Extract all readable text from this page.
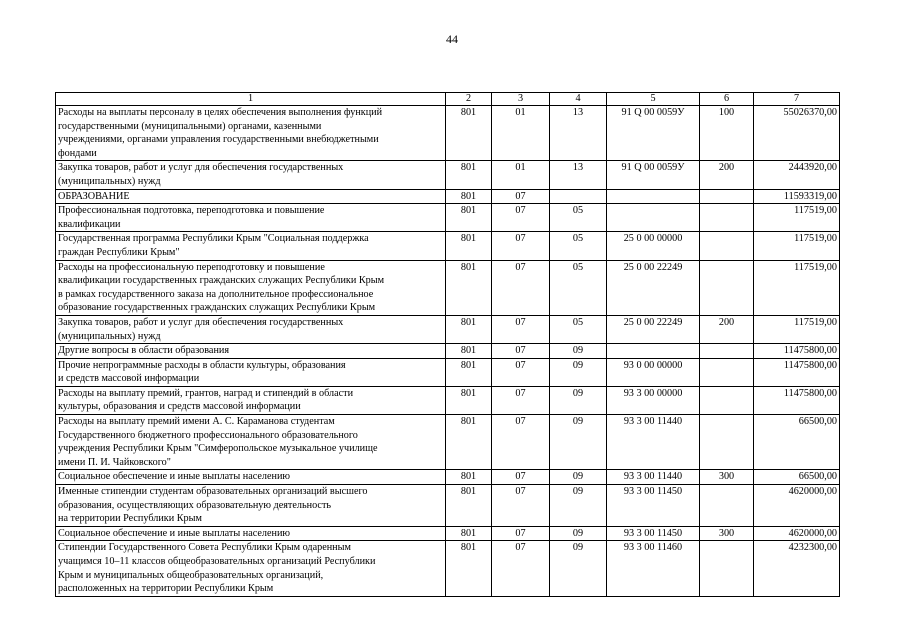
44
1	2	3	4	5	6	7
Расходы на выплаты персоналу в целях обеспечения выполнения функций
государственными (муниципальными) органами, казенными
учреждениями, органами управления государственными внебюджетными
фондами	801	01	13	91 Q 00 0059У	100	55026370,00
Закупка товаров, работ и услуг для обеспечения государственных
(муниципальных) нужд	801	01	13	91 Q 00 0059У	200	2443920,00
ОБРАЗОВАНИЕ	801	07				11593319,00
Профессиональная подготовка, переподготовка и повышение
квалификации	801	07	05			117519,00
Государственная программа Республики Крым "Социальная поддержка
граждан Республики Крым"	801	07	05	25 0 00 00000		117519,00
Расходы на профессиональную переподготовку и повышение
квалификации государственных гражданских служащих Республики Крым
в рамках государственного заказа на дополнительное профессиональное
образование государственных гражданских служащих Республики Крым	801	07	05	25 0 00 22249		117519,00
Закупка товаров, работ и услуг для обеспечения государственных
(муниципальных) нужд	801	07	05	25 0 00 22249	200	117519,00
Другие вопросы в области образования	801	07	09			11475800,00
Прочие непрограммные расходы в области культуры, образования
и средств массовой информации	801	07	09	93 0 00 00000		11475800,00
Расходы на выплату премий, грантов, наград и стипендий в области
культуры, образования и средств массовой информации	801	07	09	93 3 00 00000		11475800,00
Расходы на выплату премий имени А. С. Караманова студентам
Государственного бюджетного профессионального образовательного
учреждения Республики Крым "Симферопольское музыкальное училище
имени П. И. Чайковского"	801	07	09	93 3 00 11440		66500,00
Социальное обеспечение и иные выплаты населению	801	07	09	93 3 00 11440	300	66500,00
Именные стипендии студентам образовательных организаций высшего
образования, осуществляющих образовательную деятельность
на территории Республики Крым	801	07	09	93 3 00 11450		4620000,00
Социальное обеспечение и иные выплаты населению	801	07	09	93 3 00 11450	300	4620000,00
Стипендии Государственного Совета Республики Крым одаренным
учащимся 10–11 классов общеобразовательных организаций Республики
Крым и муниципальных общеобразовательных организаций,
расположенных на территории Республики Крым	801	07	09	93 3 00 11460		4232300,00
